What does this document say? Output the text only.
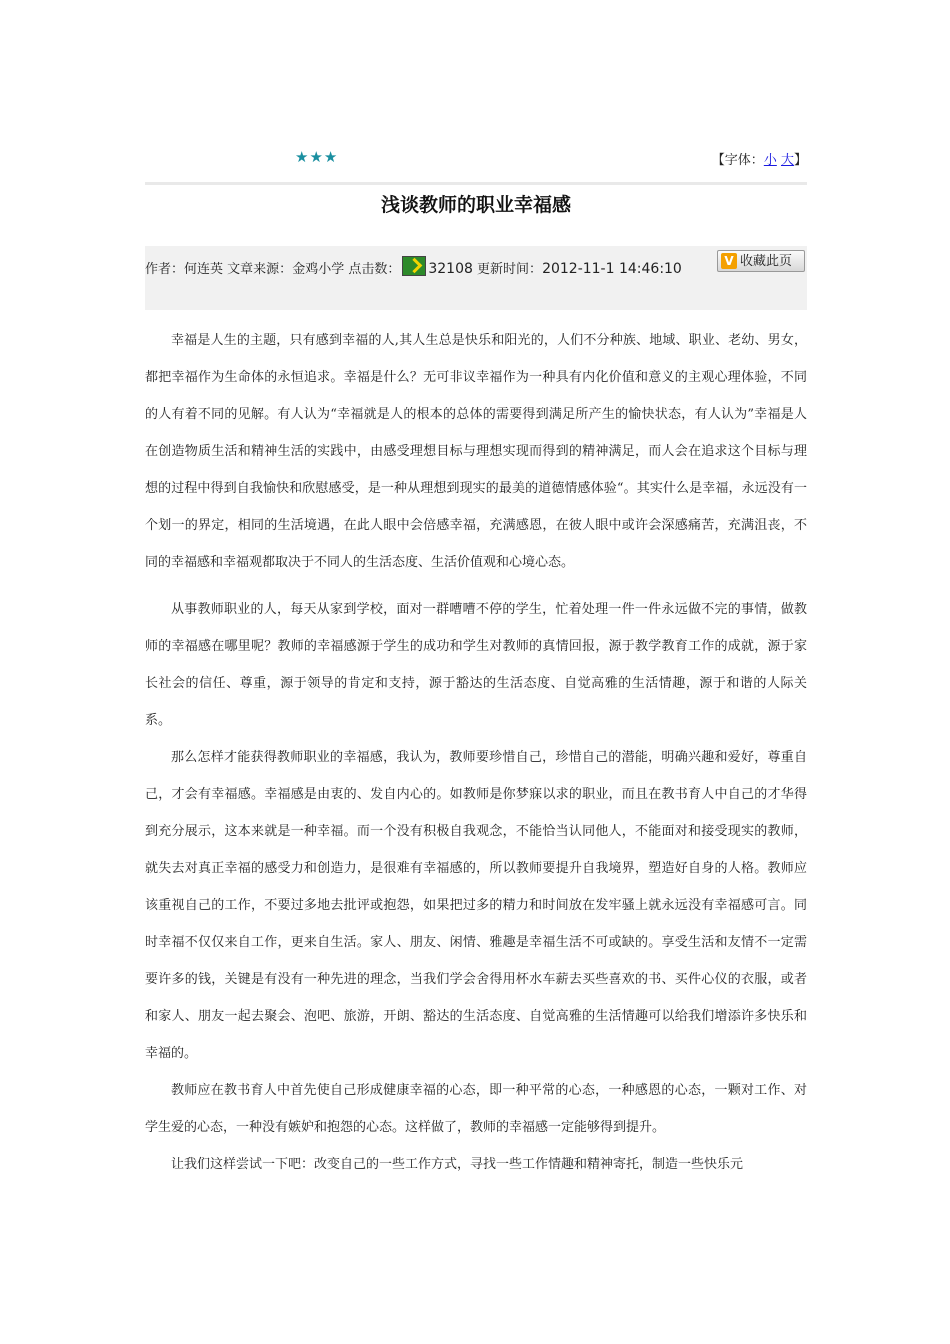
★★★	【字体：小 大】
浅谈教师的职业幸福感
作者：何连英 文章来源：金鸡小学 点击数： 32108 更新时间：2012-11-1 14:46:10	V 收藏此页

幸福是人生的主题，只有感到幸福的人,其人生总是快乐和阳光的，人们不分种族、地域、职业、老幼、男女，都把幸福作为生命体的永恒追求。幸福是什么？无可非议幸福作为一种具有内化价值和意义的主观心理体验，不同的人有着不同的见解。有人认为“幸福就是人的根本的总体的需要得到满足所产生的愉快状态，有人认为”幸福是人在创造物质生活和精神生活的实践中，由感受理想目标与理想实现而得到的精神满足，而人会在追求这个目标与理想的过程中得到自我愉快和欣慰感受，是一种从理想到现实的最美的道德情感体验“。其实什么是幸福，永远没有一个划一的界定，相同的生活境遇，在此人眼中会倍感幸福，充满感恩，在彼人眼中或许会深感痛苦，充满沮丧，不同的幸福感和幸福观都取决于不同人的生活态度、生活价值观和心境心态。

从事教师职业的人，每天从家到学校，面对一群嘈嘈不停的学生，忙着处理一件一件永远做不完的事情，做教师的幸福感在哪里呢？教师的幸福感源于学生的成功和学生对教师的真情回报，源于教学教育工作的成就，源于家长社会的信任、尊重，源于领导的肯定和支持，源于豁达的生活态度、自觉高雅的生活情趣，源于和谐的人际关系。

那么怎样才能获得教师职业的幸福感，我认为，教师要珍惜自己，珍惜自己的潜能，明确兴趣和爱好，尊重自己，才会有幸福感。幸福感是由衷的、发自内心的。如教师是你梦寐以求的职业，而且在教书育人中自己的才华得到充分展示，这本来就是一种幸福。而一个没有积极自我观念，不能恰当认同他人，不能面对和接受现实的教师，就失去对真正幸福的感受力和创造力，是很难有幸福感的，所以教师要提升自我境界，塑造好自身的人格。教师应该重视自己的工作，不要过多地去批评或抱怨，如果把过多的精力和时间放在发牢骚上就永远没有幸福感可言。同时幸福不仅仅来自工作，更来自生活。家人、朋友、闲情、雅趣是幸福生活不可或缺的。享受生活和友情不一定需要许多的钱，关键是有没有一种先进的理念，当我们学会舍得用杯水车薪去买些喜欢的书、买件心仪的衣服，或者和家人、朋友一起去聚会、泡吧、旅游，开朗、豁达的生活态度、自觉高雅的生活情趣可以给我们增添许多快乐和幸福的。

教师应在教书育人中首先使自己形成健康幸福的心态，即一种平常的心态，一种感恩的心态，一颗对工作、对学生爱的心态，一种没有嫉妒和抱怨的心态。这样做了，教师的幸福感一定能够得到提升。

让我们这样尝试一下吧：改变自己的一些工作方式，寻找一些工作情趣和精神寄托，制造一些快乐元
